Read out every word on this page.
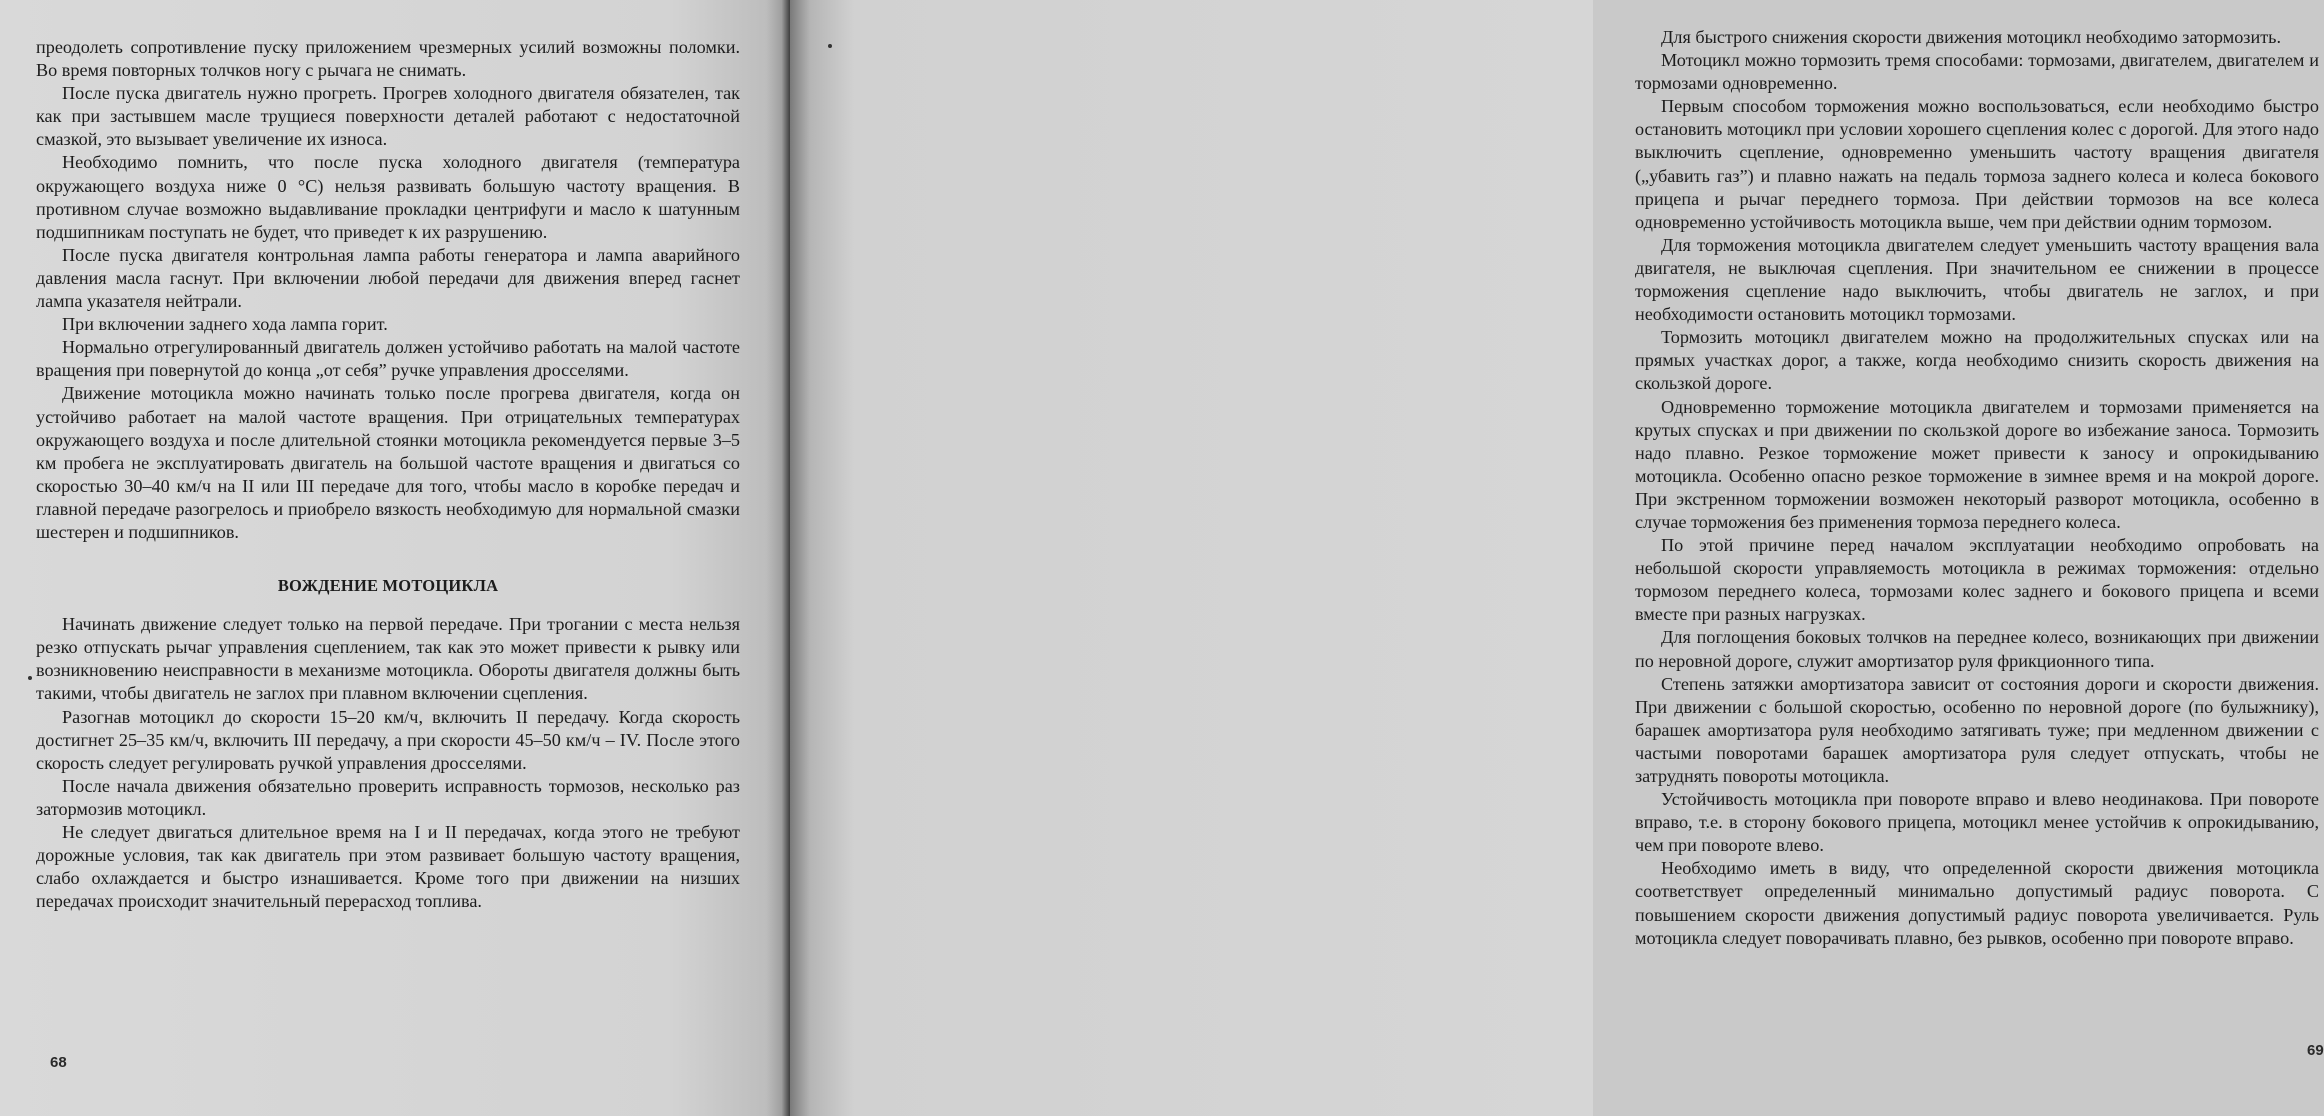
преодолеть сопротивление пуску приложением чрезмерных усилий возможны поломки. Во время повторных толчков ногу с рычага не снимать.

После пуска двигатель нужно прогреть. Прогрев холодного двигателя обязателен, так как при застывшем масле трущиеся поверхности деталей работают с недостаточной смазкой, это вызывает увеличение их износа.

Необходимо помнить, что после пуска холодного двигателя (температура окружающего воздуха ниже 0 °C) нельзя развивать большую частоту вращения. В противном случае возможно выдавливание прокладки центрифуги и масло к шатунным подшипникам поступать не будет, что приведет к их разрушению.

После пуска двигателя контрольная лампа работы генератора и лампа аварийного давления масла гаснут. При включении любой передачи для движения вперед гаснет лампа указателя нейтрали.

При включении заднего хода лампа горит.

Нормально отрегулированный двигатель должен устойчиво работать на малой частоте вращения при повернутой до конца „от себя” ручке управления дросселями.

Движение мотоцикла можно начинать только после прогрева двигателя, когда он устойчиво работает на малой частоте вращения. При отрицательных температурах окружающего воздуха и после длительной стоянки мотоцикла рекомендуется первые 3–5 км пробега не эксплуатировать двигатель на большой частоте вращения и двигаться со скоростью 30–40 км/ч на II или III передаче для того, чтобы масло в коробке передач и главной передаче разогрелось и приобрело вязкость необходимую для нормальной смазки шестерен и подшипников.

ВОЖДЕНИЕ МОТОЦИКЛА

Начинать движение следует только на первой передаче. При трогании с места нельзя резко отпускать рычаг управления сцеплением, так как это может привести к рывку или возникновению неисправности в механизме мотоцикла. Обороты двигателя должны быть такими, чтобы двигатель не заглох при плавном включении сцепления.

Разогнав мотоцикл до скорости 15–20 км/ч, включить II передачу. Когда скорость достигнет 25–35 км/ч, включить III передачу, а при скорости 45–50 км/ч – IV. После этого скорость следует регулировать ручкой управления дросселями.

После начала движения обязательно проверить исправность тормозов, несколько раз затормозив мотоцикл.

Не следует двигаться длительное время на I и II передачах, когда этого не требуют дорожные условия, так как двигатель при этом развивает большую частоту вращения, слабо охлаждается и быстро изнашивается. Кроме того при движении на низших передачах происходит значительный перерасход топлива.

68

Для быстрого снижения скорости движения мотоцикл необходимо затормозить.

Мотоцикл можно тормозить тремя способами: тормозами, двигателем, двигателем и тормозами одновременно.

Первым способом торможения можно воспользоваться, если необходимо быстро остановить мотоцикл при условии хорошего сцепления колес с дорогой. Для этого надо выключить сцепление, одновременно уменьшить частоту вращения двигателя („убавить газ”) и плавно нажать на педаль тормоза заднего колеса и колеса бокового прицепа и рычаг переднего тормоза. При действии тормозов на все колеса одновременно устойчивость мотоцикла выше, чем при действии одним тормозом.

Для торможения мотоцикла двигателем следует уменьшить частоту вращения вала двигателя, не выключая сцепления. При значительном ее снижении в процессе торможения сцепление надо выключить, чтобы двигатель не заглох, и при необходимости остановить мотоцикл тормозами.

Тормозить мотоцикл двигателем можно на продолжительных спусках или на прямых участках дорог, а также, когда необходимо снизить скорость движения на скользкой дороге.

Одновременно торможение мотоцикла двигателем и тормозами применяется на крутых спусках и при движении по скользкой дороге во избежание заноса. Тормозить надо плавно. Резкое торможение может привести к заносу и опрокидыванию мотоцикла. Особенно опасно резкое торможение в зимнее время и на мокрой дороге. При экстренном торможении возможен некоторый разворот мотоцикла, особенно в случае торможения без применения тормоза переднего колеса.

По этой причине перед началом эксплуатации необходимо опробовать на небольшой скорости управляемость мотоцикла в режимах торможения: отдельно тормозом переднего колеса, тормозами колес заднего и бокового прицепа и всеми вместе при разных нагрузках.

Для поглощения боковых толчков на переднее колесо, возникающих при движении по неровной дороге, служит амортизатор руля фрикционного типа.

Степень затяжки амортизатора зависит от состояния дороги и скорости движения. При движении с большой скоростью, особенно по неровной дороге (по булыжнику), барашек амортизатора руля необходимо затягивать туже; при медленном движении с частыми поворотами барашек амортизатора руля следует отпускать, чтобы не затруднять повороты мотоцикла.

Устойчивость мотоцикла при повороте вправо и влево неодинакова. При повороте вправо, т.е. в сторону бокового прицепа, мотоцикл менее устойчив к опрокидыванию, чем при повороте влево.

Необходимо иметь в виду, что определенной скорости движения мотоцикла соответствует определенный минимально допустимый радиус поворота. С повышением скорости движения допустимый радиус поворота увеличивается. Руль мотоцикла следует поворачивать плавно, без рывков, особенно при повороте вправо.

69
